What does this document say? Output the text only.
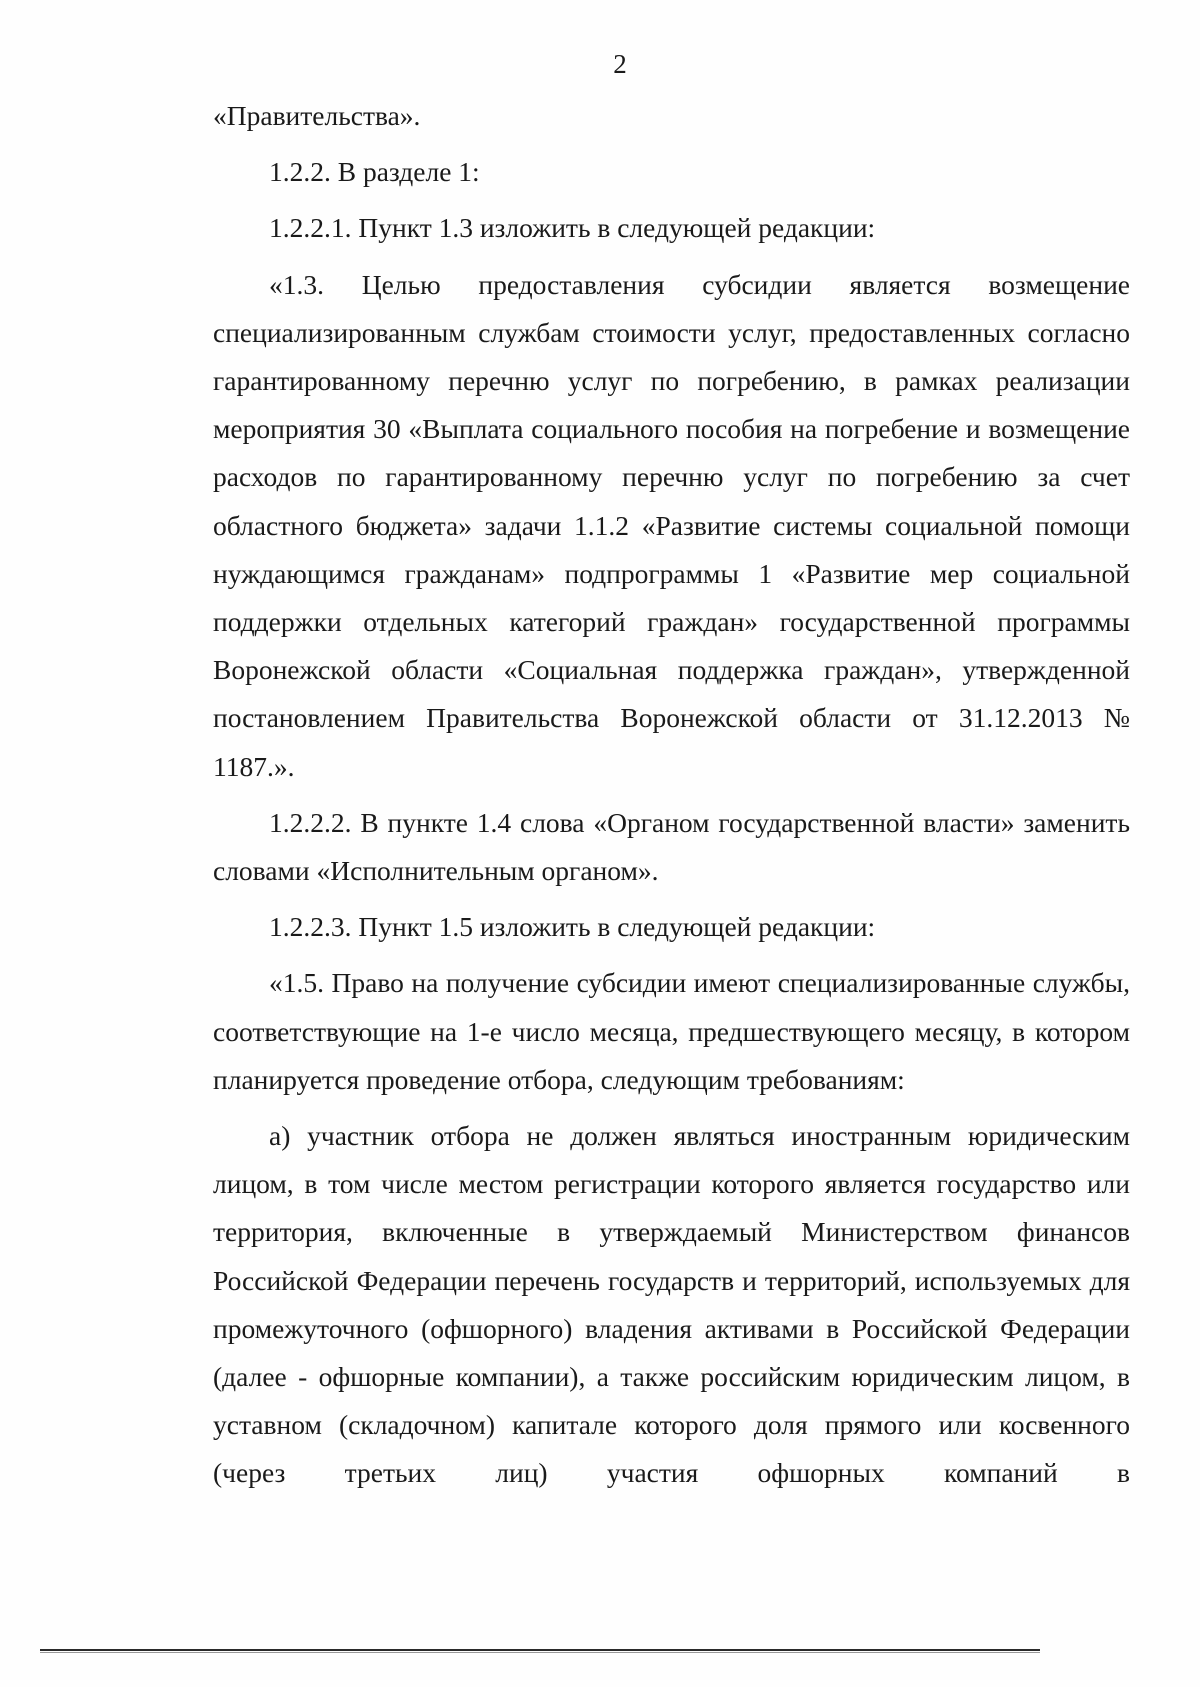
2

«Правительства».

1.2.2. В разделе 1:

1.2.2.1. Пункт 1.3 изложить в следующей редакции:

«1.3. Целью предоставления субсидии является возмещение специализированным службам стоимости услуг, предоставленных согласно гарантированному перечню услуг по погребению, в рамках реализации мероприятия 30 «Выплата социального пособия на погребение и возмещение расходов по гарантированному перечню услуг по погребению за счет областного бюджета» задачи 1.1.2 «Развитие системы социальной помощи нуждающимся гражданам» подпрограммы 1 «Развитие мер социальной поддержки отдельных категорий граждан» государственной программы Воронежской области «Социальная поддержка граждан», утвержденной постановлением Правительства Воронежской области от 31.12.2013 № 1187.».

1.2.2.2. В пункте 1.4 слова «Органом государственной власти» заменить словами «Исполнительным органом».

1.2.2.3. Пункт 1.5 изложить в следующей редакции:

«1.5. Право на получение субсидии имеют специализированные службы, соответствующие на 1-е число месяца, предшествующего месяцу, в котором планируется проведение отбора, следующим требованиям:

а) участник отбора не должен являться иностранным юридическим лицом, в том числе местом регистрации которого является государство или территория, включенные в утверждаемый Министерством финансов Российской Федерации перечень государств и территорий, используемых для промежуточного (офшорного) владения активами в Российской Федерации (далее - офшорные компании), а также российским юридическим лицом, в уставном (складочном) капитале которого доля прямого или косвенного (через третьих лиц) участия офшорных компаний в
